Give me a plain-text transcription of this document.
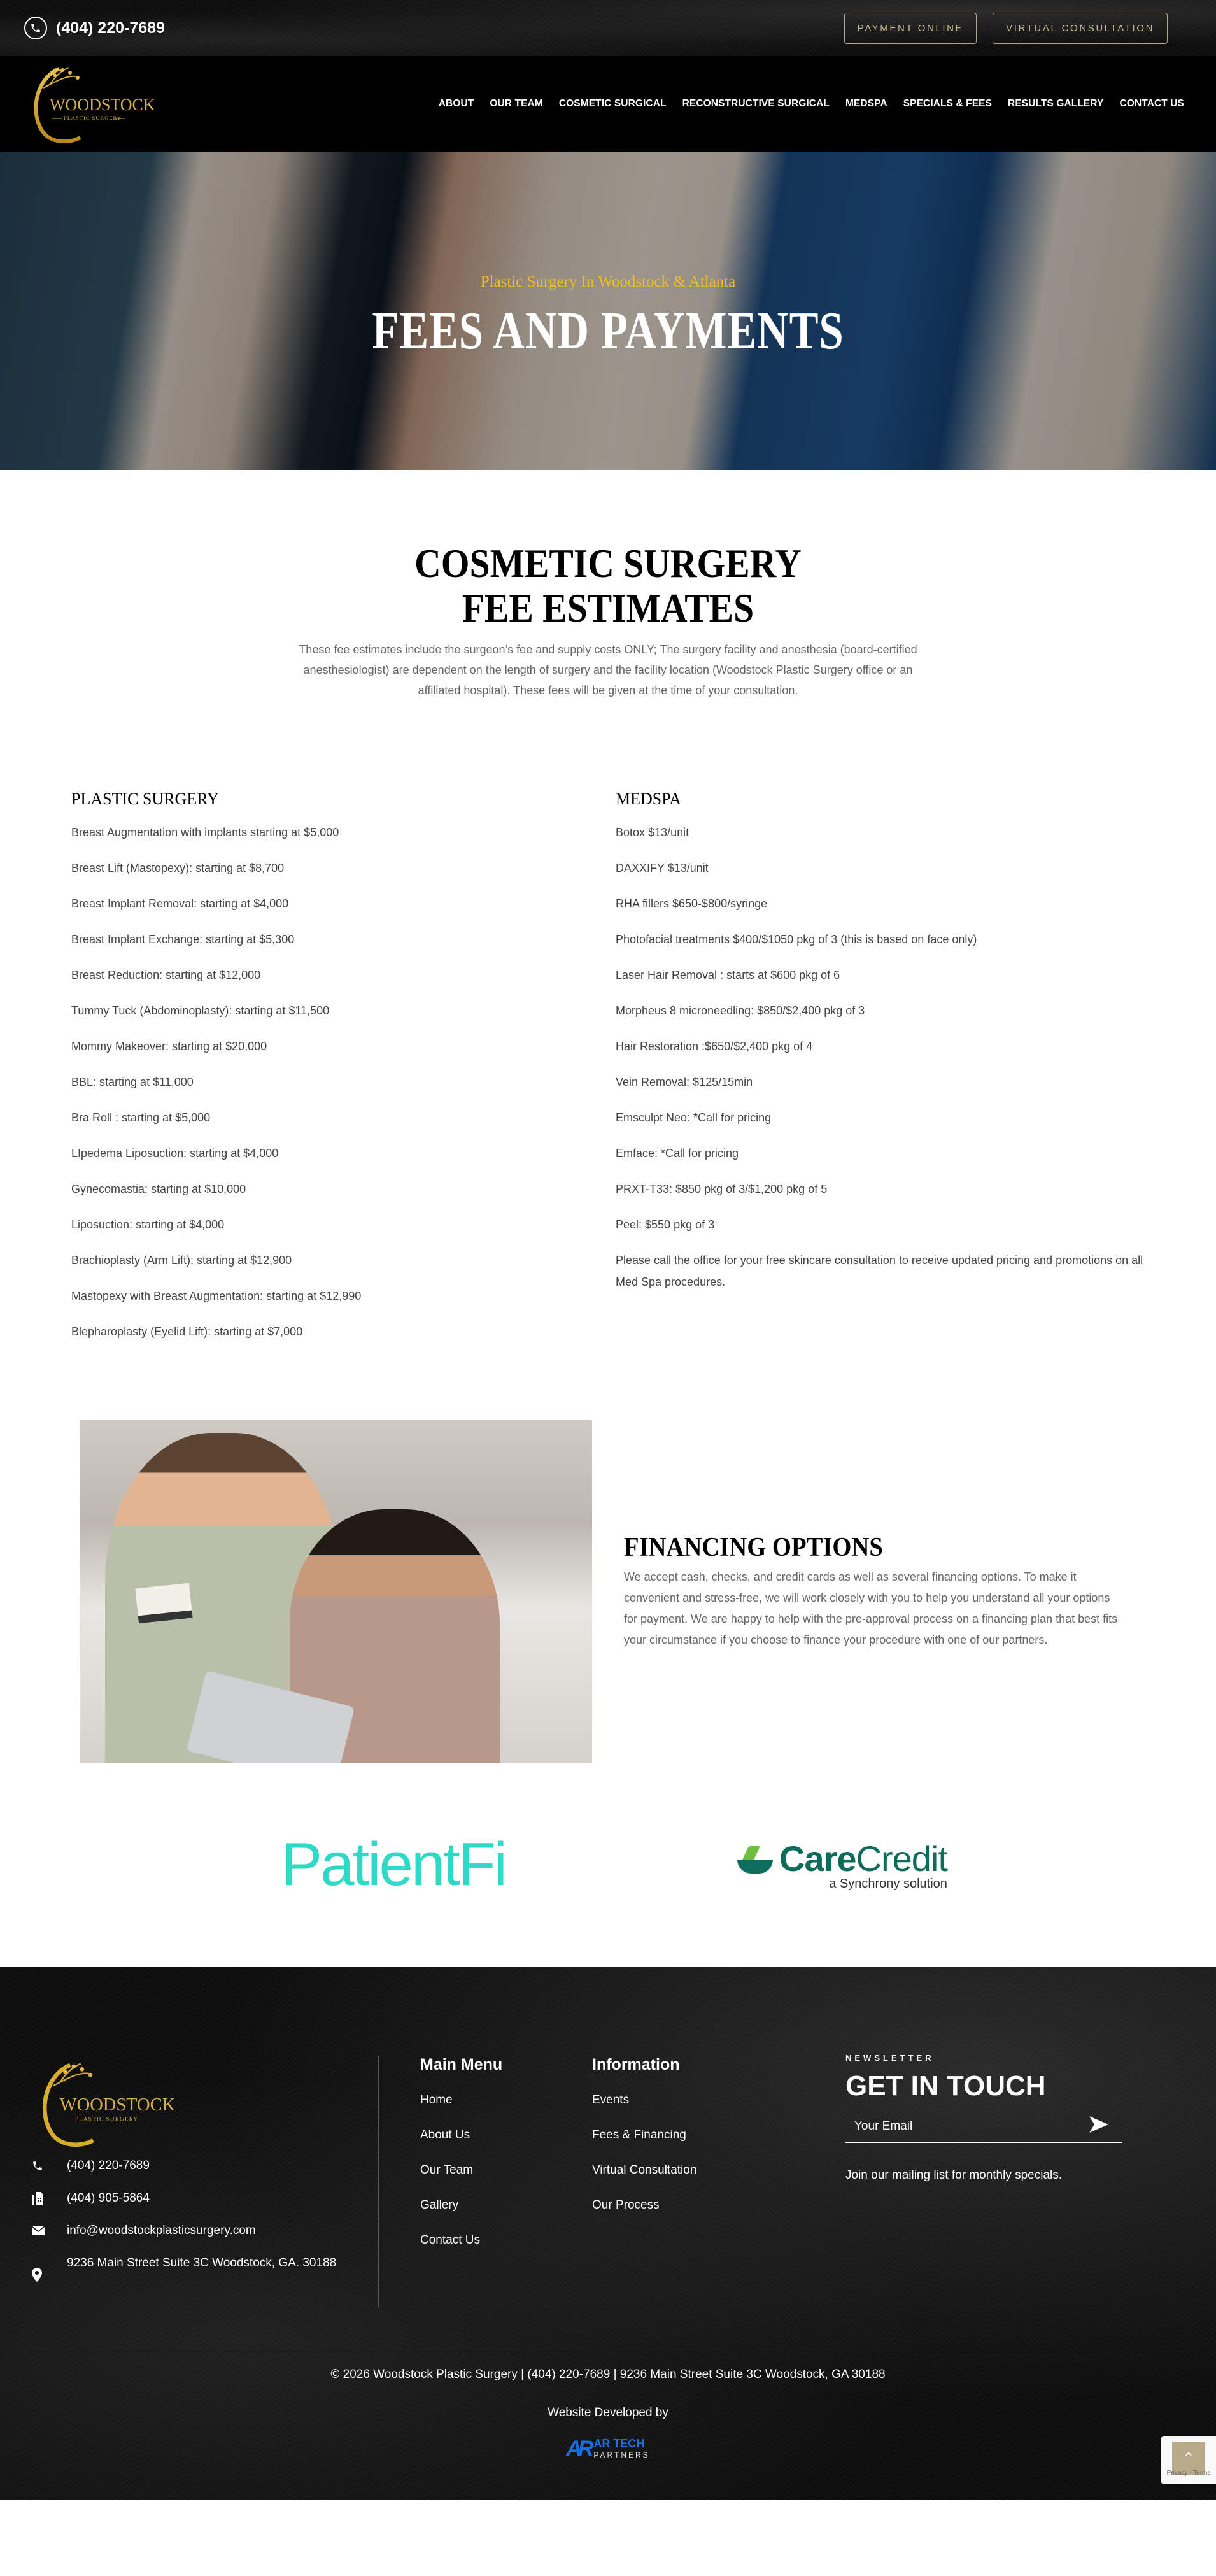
(404) 220-7689	PAYMENT ONLINE	VIRTUAL CONSULTATION
WOODSTOCK
PLASTIC SURGERY
ABOUT OUR TEAM COSMETIC SURGICAL RECONSTRUCTIVE SURGICAL MEDSPA SPECIALS & FEES RESULTS GALLERY CONTACT US
Plastic Surgery In Woodstock & Atlanta
FEES AND PAYMENTS
COSMETIC SURGERY FEE ESTIMATES

These fee estimates include the surgeon’s fee and supply costs ONLY; The surgery facility and anesthesia (board-certified anesthesiologist) are dependent on the length of surgery and the facility location (Woodstock Plastic Surgery office or an affiliated hospital). These fees will be given at the time of your consultation.

PLASTIC SURGERY
Breast Augmentation with implants starting at $5,000
Breast Lift (Mastopexy): starting at $8,700
Breast Implant Removal: starting at $4,000
Breast Implant Exchange: starting at $5,300
Breast Reduction: starting at $12,000
Tummy Tuck (Abdominoplasty): starting at $11,500
Mommy Makeover: starting at $20,000
BBL: starting at $11,000
Bra Roll : starting at $5,000
LIpedema Liposuction: starting at $4,000
Gynecomastia: starting at $10,000
Liposuction: starting at $4,000
Brachioplasty (Arm Lift): starting at $12,900
Mastopexy with Breast Augmentation: starting at $12,990
Blepharoplasty (Eyelid Lift): starting at $7,000
MEDSPA
Botox $13/unit
DAXXIFY $13/unit
RHA fillers $650-$800/syringe
Photofacial treatments $400/$1050 pkg of 3 (this is based on face only)
Laser Hair Removal : starts at $600 pkg of 6
Morpheus 8 microneedling: $850/$2,400 pkg of 3
Hair Restoration :$650/$2,400 pkg of 4
Vein Removal: $125/15min
Emsculpt Neo: *Call for pricing
Emface: *Call for pricing
PRXT-T33: $850 pkg of 3/$1,200 pkg of 5
Peel: $550 pkg of 3
Please call the office for your free skincare consultation to receive updated pricing and promotions on all Med Spa procedures.
FINANCING OPTIONS

We accept cash, checks, and credit cards as well as several financing options. To make it convenient and stress-free, we will work closely with you to help you understand all your options for payment. We are happy to help with the pre-approval process on a financing plan that best fits your circumstance if you choose to finance your procedure with one of our partners.

PatientFi	CareCredit
a Synchrony solution
WOODSTOCK
PLASTIC SURGERY
(404) 220-7689
(404) 905-5864
info@woodstockplasticsurgery.com
9236 Main Street Suite 3C Woodstock, GA. 30188
Main Menu
Home
About Us
Our Team
Gallery
Contact Us
Information
Events
Fees & Financing
Virtual Consultation
Our Process
NEWSLETTER
GET IN TOUCH
Your Email
Join our mailing list for monthly specials.
© 2026 Woodstock Plastic Surgery | (404) 220-7689 | 9236 Main Street Suite 3C Woodstock, GA 30188
Website Developed by
AR AR TECH
PARTNERS	⌃
Privacy - Terms
